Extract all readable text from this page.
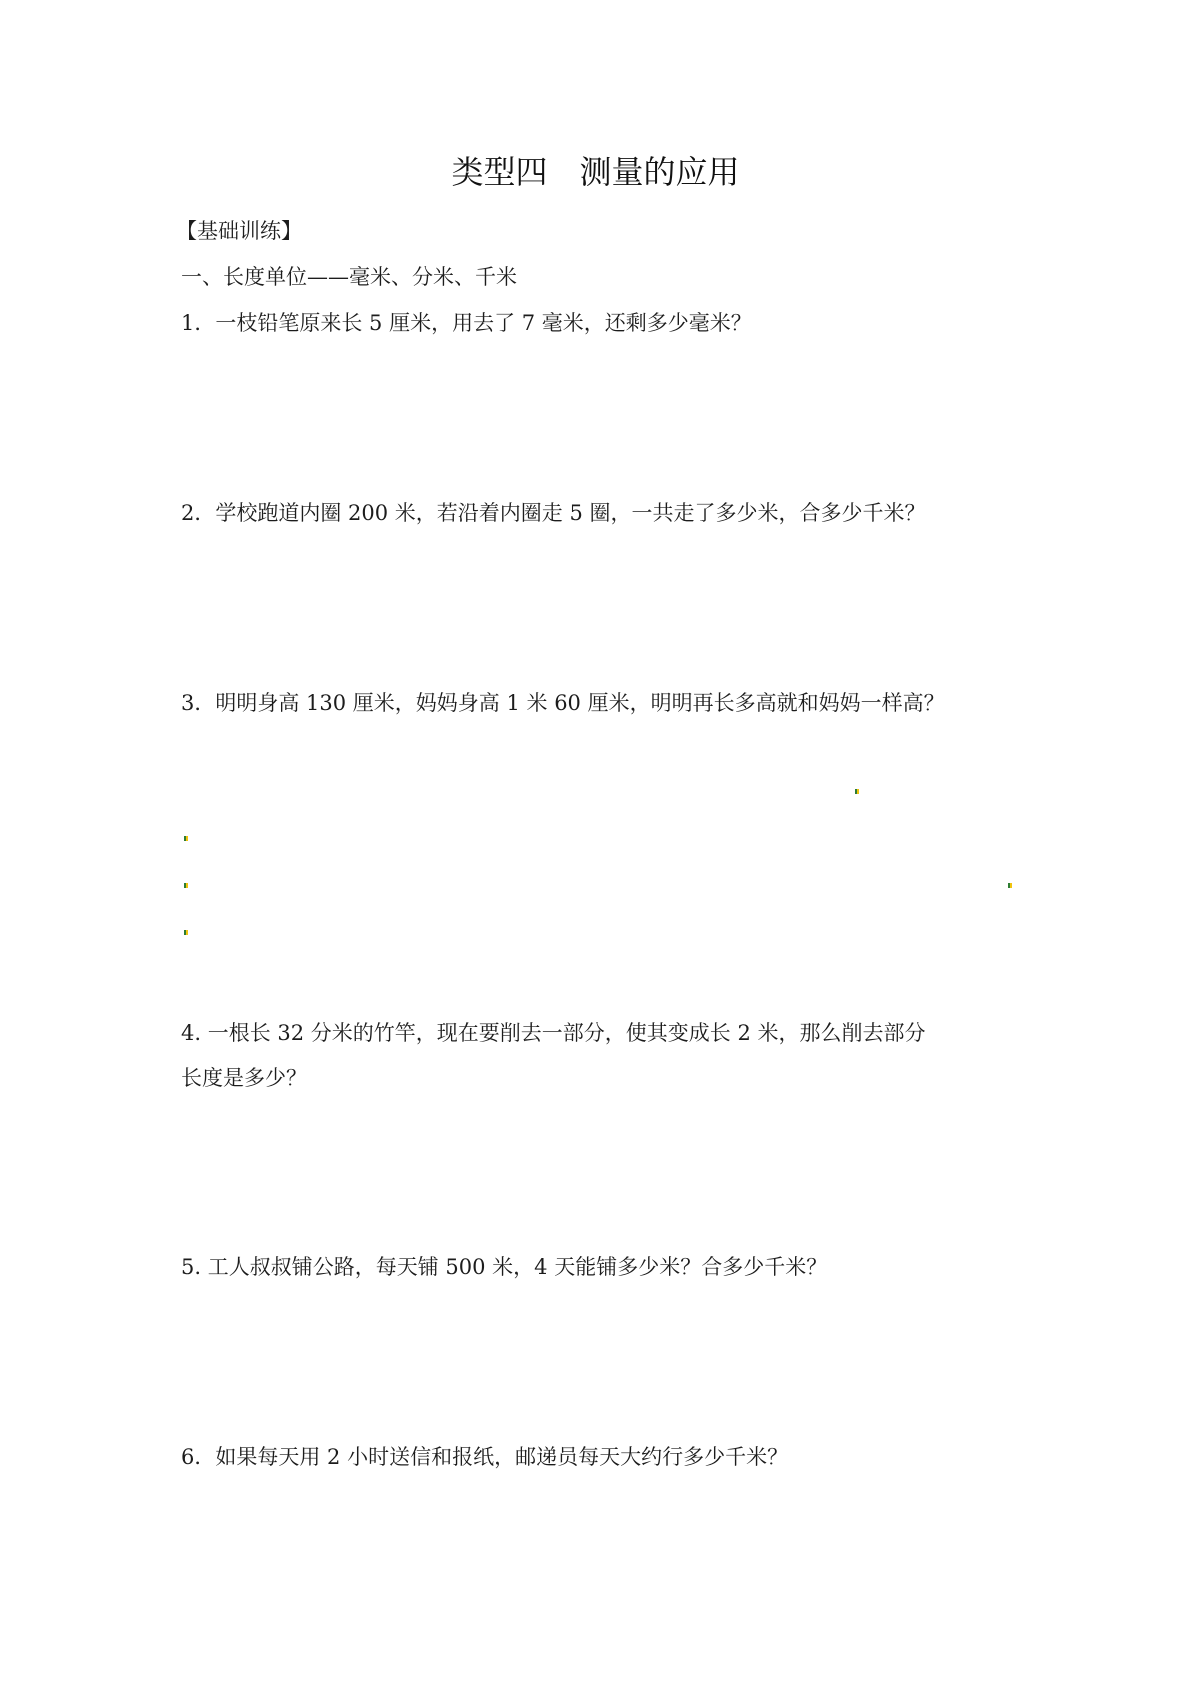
类型四　测量的应用
【基础训练】
一、长度单位——毫米、分米、千米
1．一枝铅笔原来长 5 厘米，用去了 7 毫米，还剩多少毫米？
2．学校跑道内圈 200 米，若沿着内圈走 5 圈，一共走了多少米，合多少千米？
3．明明身高 130 厘米，妈妈身高 1 米 60 厘米，明明再长多高就和妈妈一样高？
4. 一根长 32 分米的竹竿，现在要削去一部分，使其变成长 2 米，那么削去部分
长度是多少？
5. 工人叔叔铺公路，每天铺 500 米，4 天能铺多少米？合多少千米？
6．如果每天用 2 小时送信和报纸，邮递员每天大约行多少千米？
